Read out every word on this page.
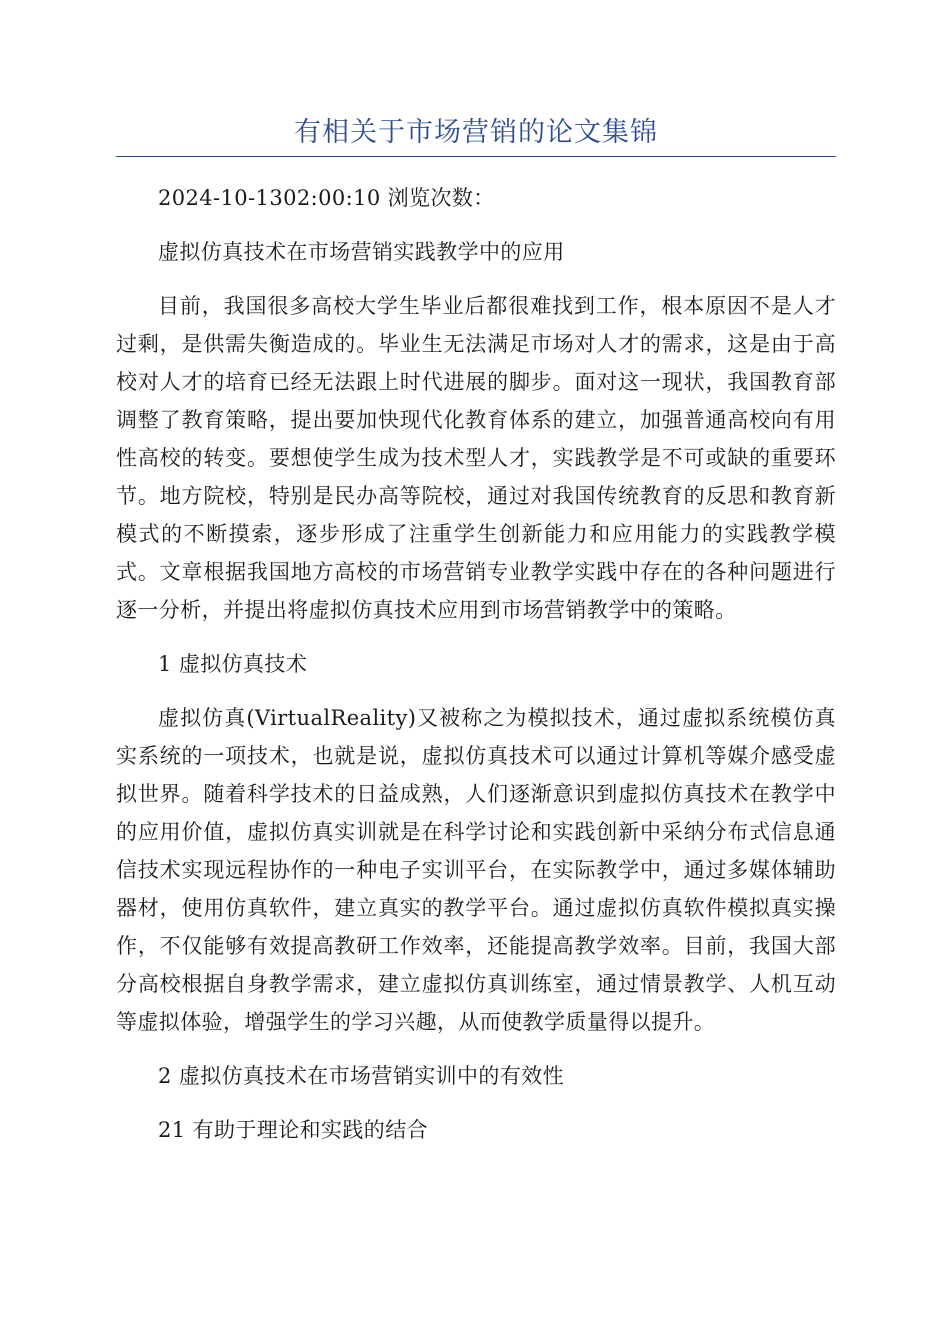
有相关于市场营销的论文集锦

2024-10-1302:00:10 浏览次数：

虚拟仿真技术在市场营销实践教学中的应用

目前，我国很多高校大学生毕业后都很难找到工作，根本原因不是人才过剩，是供需失衡造成的。毕业生无法满足市场对人才的需求，这是由于高校对人才的培育已经无法跟上时代进展的脚步。面对这一现状，我国教育部调整了教育策略，提出要加快现代化教育体系的建立，加强普通高校向有用性高校的转变。要想使学生成为技术型人才，实践教学是不可或缺的重要环节。地方院校，特别是民办高等院校，通过对我国传统教育的反思和教育新模式的不断摸索，逐步形成了注重学生创新能力和应用能力的实践教学模式。文章根据我国地方高校的市场营销专业教学实践中存在的各种问题进行逐一分析，并提出将虚拟仿真技术应用到市场营销教学中的策略。

1 虚拟仿真技术

虚拟仿真(VirtualReality)又被称之为模拟技术，通过虚拟系统模仿真实系统的一项技术，也就是说，虚拟仿真技术可以通过计算机等媒介感受虚拟世界。随着科学技术的日益成熟，人们逐渐意识到虚拟仿真技术在教学中的应用价值，虚拟仿真实训就是在科学讨论和实践创新中采纳分布式信息通信技术实现远程协作的一种电子实训平台，在实际教学中，通过多媒体辅助器材，使用仿真软件，建立真实的教学平台。通过虚拟仿真软件模拟真实操作，不仅能够有效提高教研工作效率，还能提高教学效率。目前，我国大部分高校根据自身教学需求，建立虚拟仿真训练室，通过情景教学、人机互动等虚拟体验，增强学生的学习兴趣，从而使教学质量得以提升。

2 虚拟仿真技术在市场营销实训中的有效性

21 有助于理论和实践的结合
